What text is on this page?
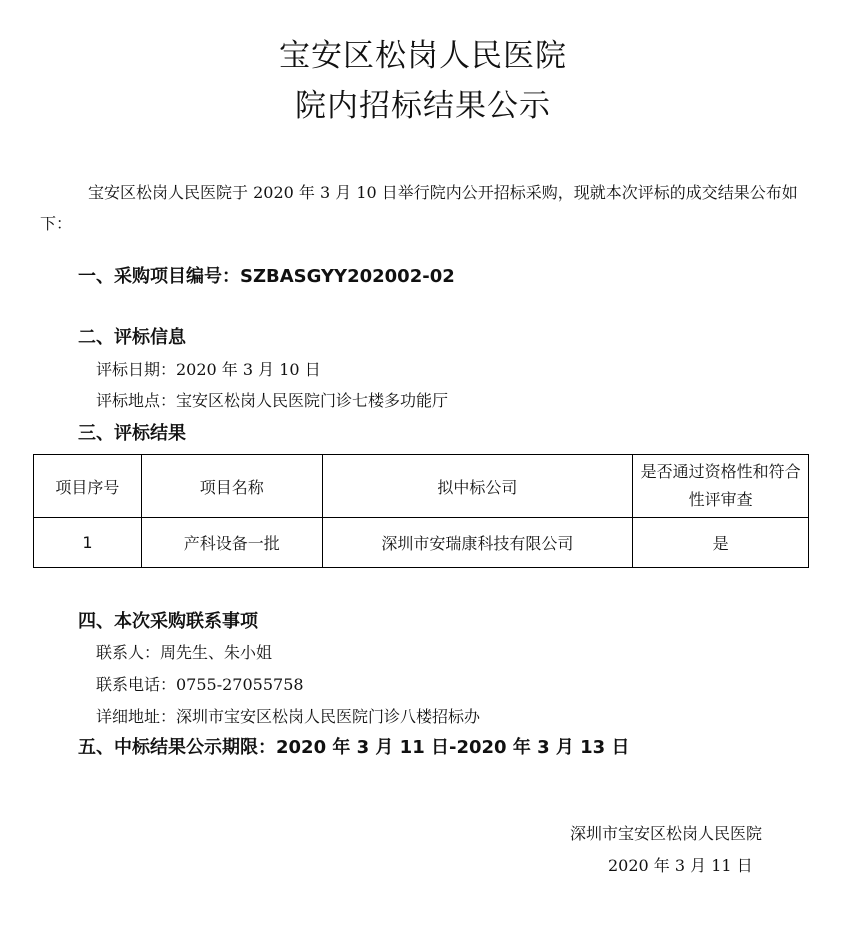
宝安区松岗人民医院
院内招标结果公示
宝安区松岗人民医院于 2020 年 3 月 10 日举行院内公开招标采购，现就本次评标的成交结果公布如下：
一、采购项目编号：SZBASGYY202002-02
二、评标信息
评标日期：2020 年 3 月 10 日
评标地点：宝安区松岗人民医院门诊七楼多功能厅
三、评标结果
项目序号	项目名称	拟中标公司	是否通过资格性和符合性评审查
1	产科设备一批	深圳市安瑞康科技有限公司	是
四、本次采购联系事项
联系人：周先生、朱小姐
联系电话：0755-27055758
详细地址：深圳市宝安区松岗人民医院门诊八楼招标办
五、中标结果公示期限：2020 年 3 月 11 日-2020 年 3 月 13 日
深圳市宝安区松岗人民医院
2020 年 3 月 11 日
